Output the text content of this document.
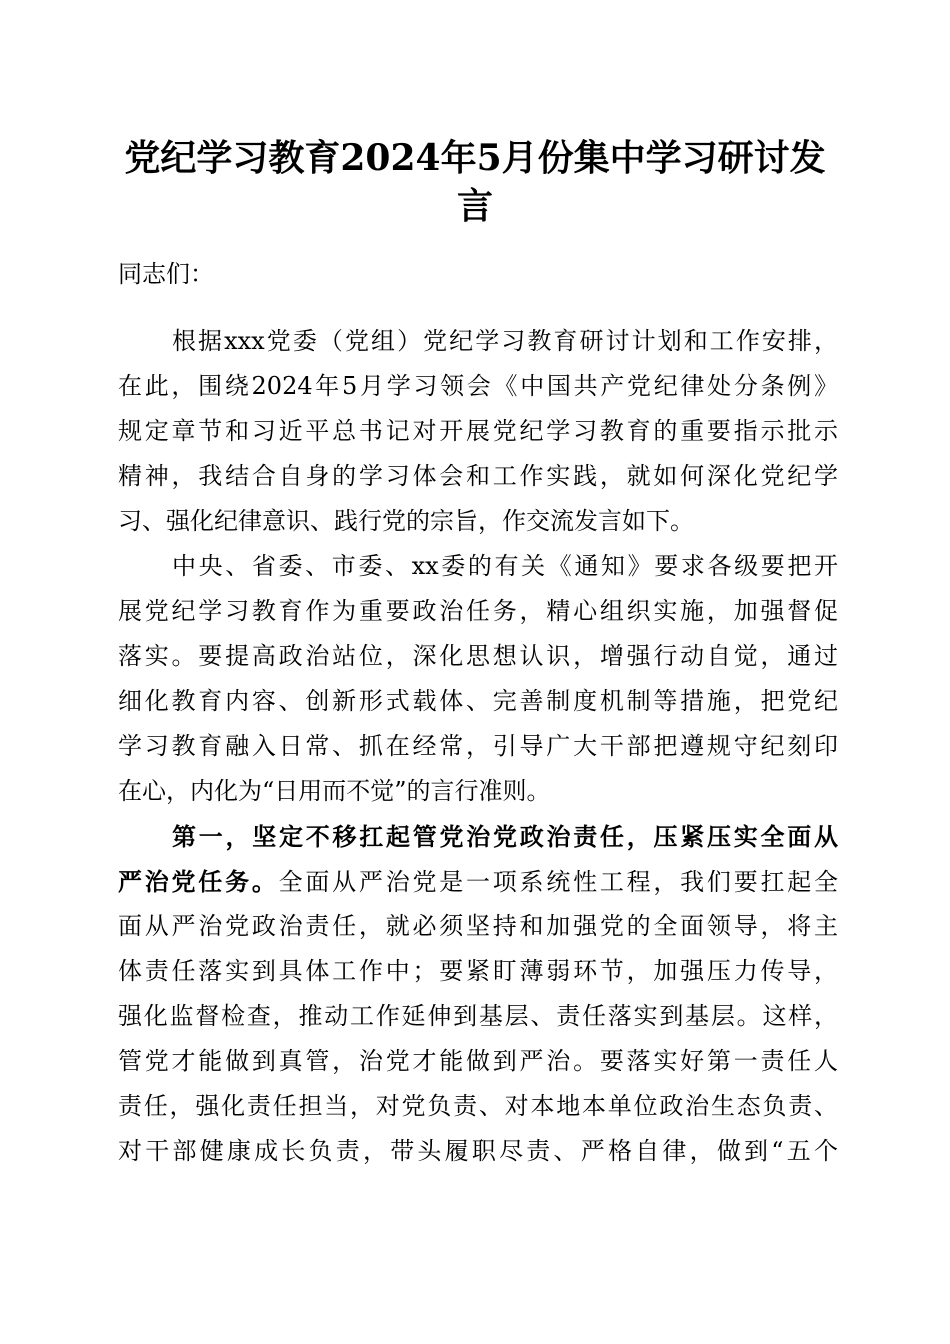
党纪学习教育2024年5月份集中学习研讨发
言
同志们：
根据xxx党委（党组）党纪学习教育研讨计划和工作安排，
在此，围绕2024年5月学习领会《中国共产党纪律处分条例》
规定章节和习近平总书记对开展党纪学习教育的重要指示批示
精神，我结合自身的学习体会和工作实践，就如何深化党纪学
习、强化纪律意识、践行党的宗旨，作交流发言如下。
中央、省委、市委、xx委的有关《通知》要求各级要把开
展党纪学习教育作为重要政治任务，精心组织实施，加强督促
落实。要提高政治站位，深化思想认识，增强行动自觉，通过
细化教育内容、创新形式载体、完善制度机制等措施，把党纪
学习教育融入日常、抓在经常，引导广大干部把遵规守纪刻印
在心，内化为“日用而不觉”的言行准则。
第一，坚定不移扛起管党治党政治责任，压紧压实全面从
严治党任务。全面从严治党是一项系统性工程，我们要扛起全
面从严治党政治责任，就必须坚持和加强党的全面领导，将主
体责任落实到具体工作中；要紧盯薄弱环节，加强压力传导，
强化监督检查，推动工作延伸到基层、责任落实到基层。这样，
管党才能做到真管，治党才能做到严治。要落实好第一责任人
责任，强化责任担当，对党负责、对本地本单位政治生态负责、
对干部健康成长负责，带头履职尽责、严格自律，做到“五个
